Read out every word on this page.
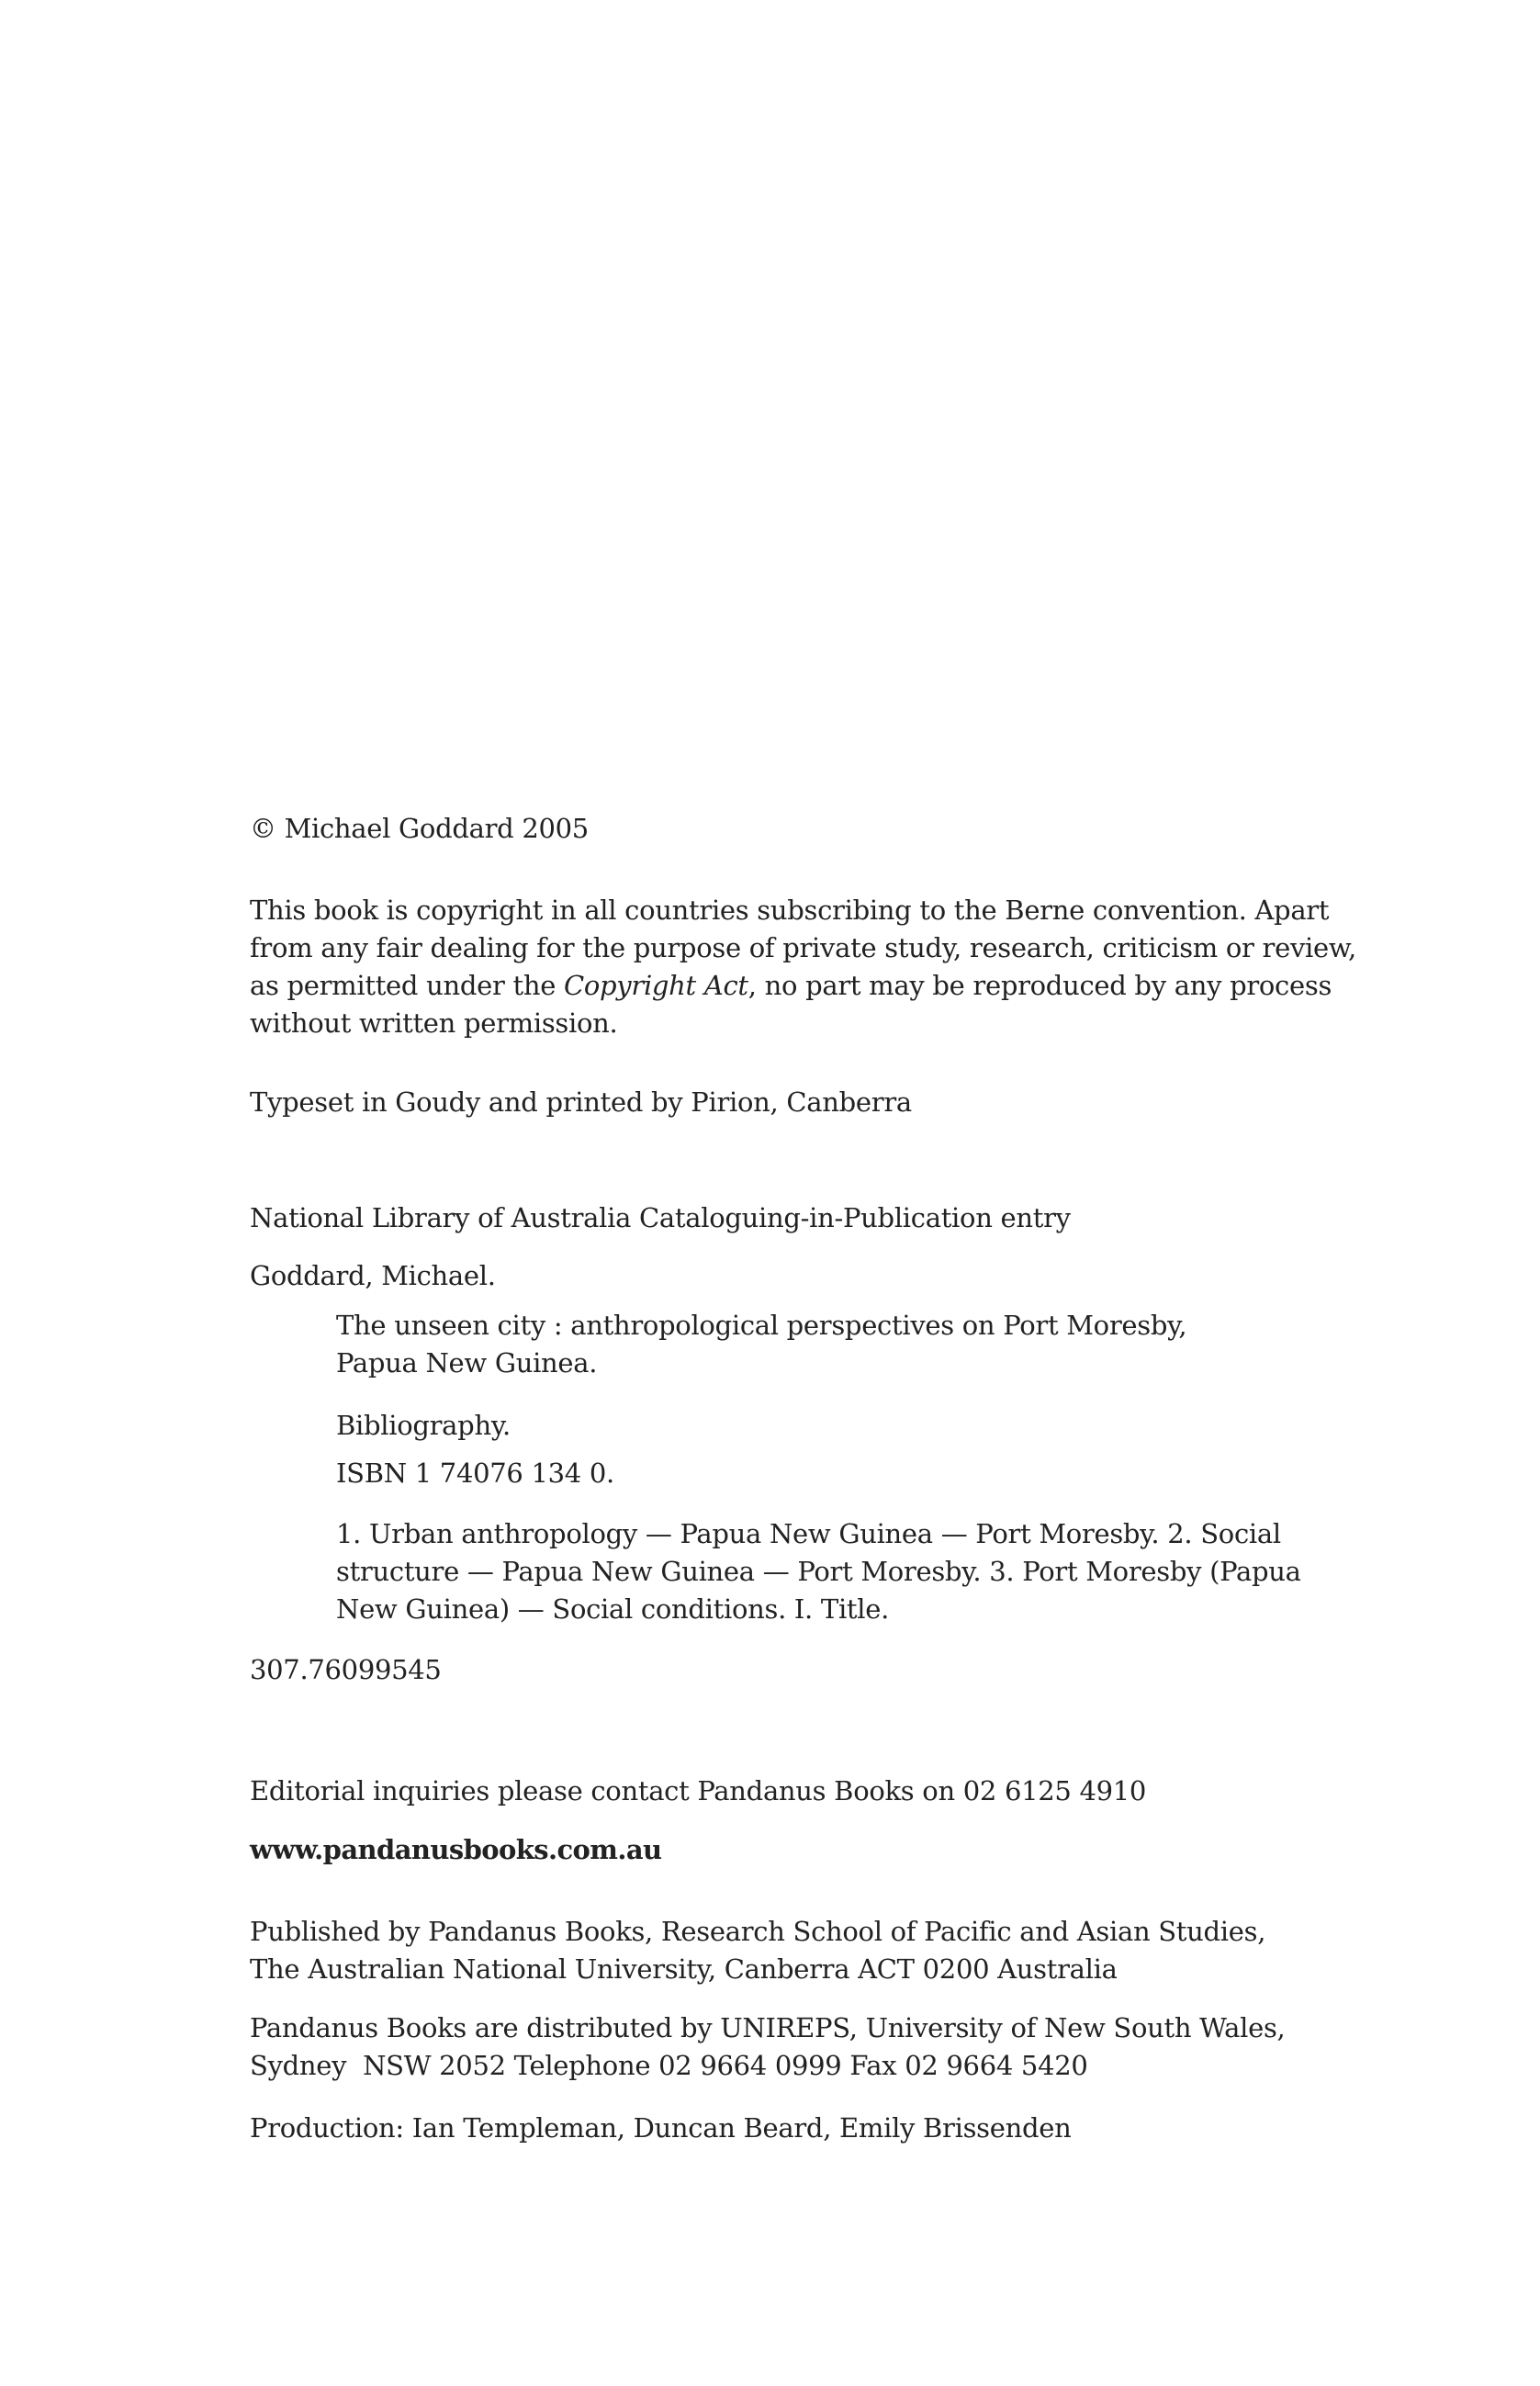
© Michael Goddard 2005
This book is copyright in all countries subscribing to the Berne convention. Apart
from any fair dealing for the purpose of private study, research, criticism or review,
as permitted under the Copyright Act, no part may be reproduced by any process
without written permission.
Typeset in Goudy and printed by Pirion, Canberra
National Library of Australia Cataloguing-in-Publication entry
Goddard, Michael.
The unseen city : anthropological perspectives on Port Moresby,
Papua New Guinea.
Bibliography.
ISBN 1 74076 134 0.
1. Urban anthropology — Papua New Guinea — Port Moresby. 2. Social
structure — Papua New Guinea — Port Moresby. 3. Port Moresby (Papua
New Guinea) — Social conditions. I. Title.
307.76099545
Editorial inquiries please contact Pandanus Books on 02 6125 4910
www.pandanusbooks.com.au
Published by Pandanus Books, Research School of Pacific and Asian Studies,
The Australian National University, Canberra ACT 0200 Australia
Pandanus Books are distributed by UNIREPS, University of New South Wales,
Sydney  NSW 2052 Telephone 02 9664 0999 Fax 02 9664 5420
Production: Ian Templeman, Duncan Beard, Emily Brissenden
